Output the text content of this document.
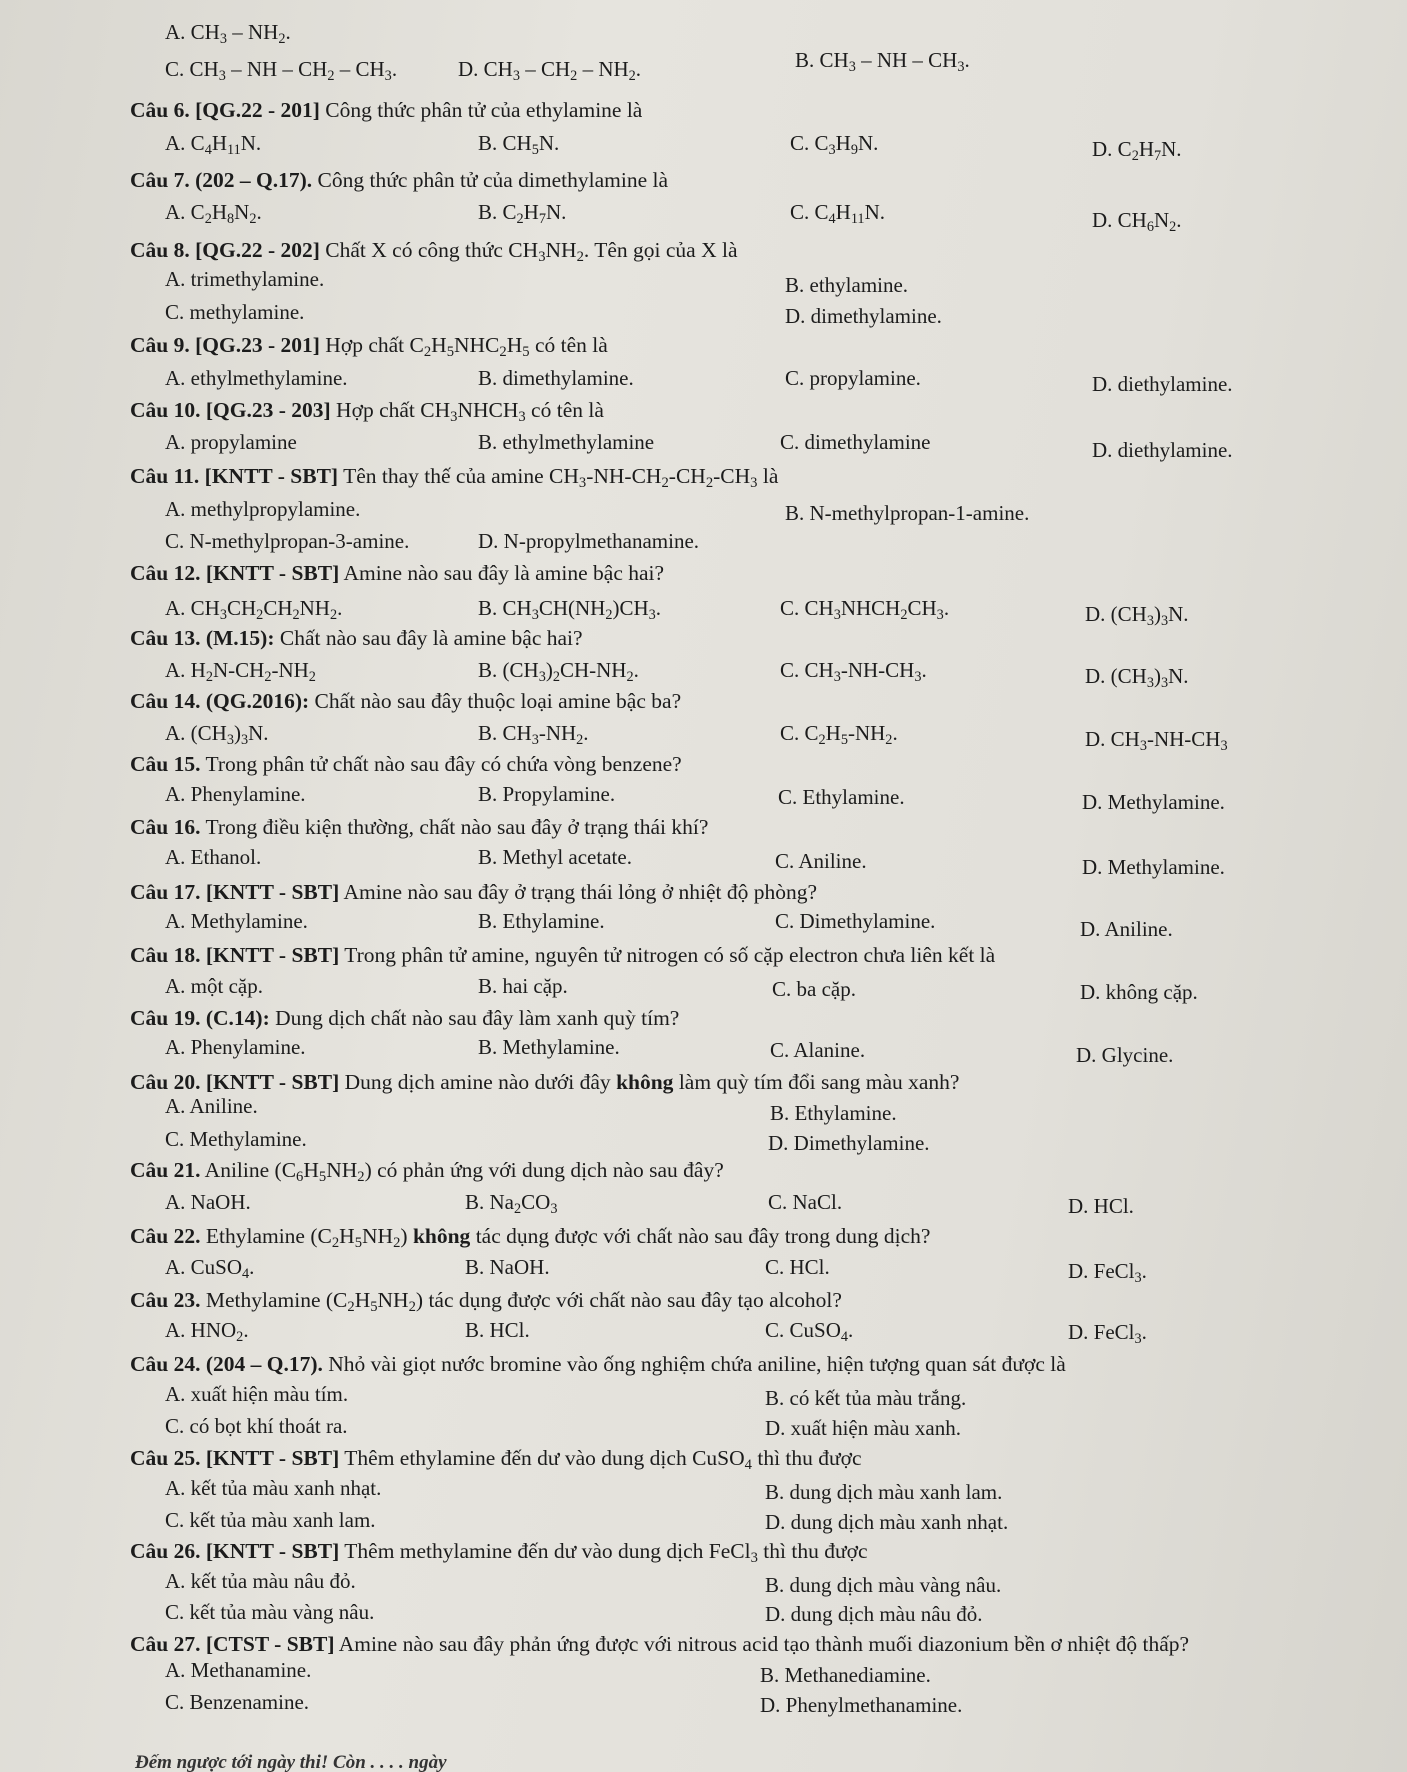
A. $CH_3 - NH_2$.
B. $CH_3$ – NH – $CH_3$.
C. $CH_3$ – NH – $CH_2 - CH_3$.	D. $CH_3 - CH_2 - NH_2$.
Câu 6. [QG.22 - 201] Công thức phân tử của ethylamine là
A. $C_4H_{11}N$.	B. $CH_5N$.	C. $C_3H_9N$.	D. $C_2H_7N$.
Câu 7. (202 – Q.17). Công thức phân tử của dimethylamine là
A. $C_2H_8N_2$.	B. $C_2H_7N$.	C. $C_4H_{11}N$.	D. $CH_6N_2$.
Câu 8. [QG.22 - 202] Chất X có công thức $CH_3NH_2$. Tên gọi của X là
A. trimethylamine.	B. ethylamine.
C. methylamine.	D. dimethylamine.
Câu 9. [QG.23 - 201] Hợp chất $C_2H_5NHC_2H_5$ có tên là
A. ethylmethylamine.	B. dimethylamine.	C. propylamine.	D. diethylamine.
Câu 10. [QG.23 - 203] Hợp chất $CH_3NHCH_3$ có tên là
A. propylamine	B. ethylmethylamine	C. dimethylamine	D. diethylamine.
Câu 11. [KNTT - SBT] Tên thay thế của amine $CH_3-NH-CH_2-CH_2-CH_3$ là
A. methylpropylamine.	B. N-methylpropan-1-amine.
C. N-methylpropan-3-amine.	D. N-propylmethanamine.
Câu 12. [KNTT - SBT] Amine nào sau đây là amine bậc hai?
A. $CH_3CH_2CH_2NH_2$.	B. $CH_3CH(NH_2)CH_3$.	C. $CH_3NHCH_2CH_3$.	D. $(CH_3)_3N$.
Câu 13. (M.15): Chất nào sau đây là amine bậc hai?
A. $H_2N-CH_2-NH_2$	B. $(CH_3)_2CH-NH_2$.	C. $CH_3-NH-CH_3$.	D. $(CH_3)_3N$.
Câu 14. (QG.2016): Chất nào sau đây thuộc loại amine bậc ba?
A. $(CH_3)_3N$.	B. $CH_3-NH_2$.	C. $C_2H_5-NH_2$.	D. $CH_3-NH-CH_3$
Câu 15. Trong phân tử chất nào sau đây có chứa vòng benzene?
A. Phenylamine.	B. Propylamine.	C. Ethylamine.	D. Methylamine.
Câu 16. Trong điều kiện thường, chất nào sau đây ở trạng thái khí?
A. Ethanol.	B. Methyl acetate.	C. Aniline.	D. Methylamine.
Câu 17. [KNTT - SBT] Amine nào sau đây ở trạng thái lỏng ở nhiệt độ phòng?
A. Methylamine.	B. Ethylamine.	C. Dimethylamine.	D. Aniline.
Câu 18. [KNTT - SBT] Trong phân tử amine, nguyên tử nitrogen có số cặp electron chưa liên kết là
A. một cặp.	B. hai cặp.	C. ba cặp.	D. không cặp.
Câu 19. (C.14): Dung dịch chất nào sau đây làm xanh quỳ tím?
A. Phenylamine.	B. Methylamine.	C. Alanine.	D. Glycine.
Câu 20. [KNTT - SBT] Dung dịch amine nào dưới đây không làm quỳ tím đổi sang màu xanh?
A. Aniline.	B. Ethylamine.
C. Methylamine.	D. Dimethylamine.
Câu 21. Aniline $(C_6H_5NH_2)$ có phản ứng với dung dịch nào sau đây?
A. NaOH.	B. $Na_2CO_3$	C. NaCl.	D. HCl.
Câu 22. Ethylamine $(C_2H_5NH_2)$ không tác dụng được với chất nào sau đây trong dung dịch?
A. CuSO$_4$.	B. NaOH.	C. HCl.	D. FeCl$_3$.
Câu 23. Methylamine $(C_2H_5NH_2)$ tác dụng được với chất nào sau đây tạo alcohol?
A. $HNO_2$.	B. HCl.	C. CuSO$_4$.	D. FeCl$_3$.
Câu 24. (204 – Q.17). Nhỏ vài giọt nước bromine vào ống nghiệm chứa aniline, hiện tượng quan sát được là
A. xuất hiện màu tím.	B. có kết tủa màu trắng.
C. có bọt khí thoát ra.	D. xuất hiện màu xanh.
Câu 25. [KNTT - SBT] Thêm ethylamine đến dư vào dung dịch CuSO$_4$ thì thu được
A. kết tủa màu xanh nhạt.	B. dung dịch màu xanh lam.
C. kết tủa màu xanh lam.	D. dung dịch màu xanh nhạt.
Câu 26. [KNTT - SBT] Thêm methylamine đến dư vào dung dịch FeCl$_3$ thì thu được
A. kết tủa màu nâu đỏ.	B. dung dịch màu vàng nâu.
C. kết tủa màu vàng nâu.	D. dung dịch màu nâu đỏ.
Câu 27. [CTST - SBT] Amine nào sau đây phản ứng được với nitrous acid tạo thành muối diazonium bền ơ nhiệt độ thấp?
A. Methanamine.	B. Methanediamine.
C. Benzenamine.	D. Phenylmethanamine.
Đếm ngược tới ngày thi! Còn . . . . ngày
